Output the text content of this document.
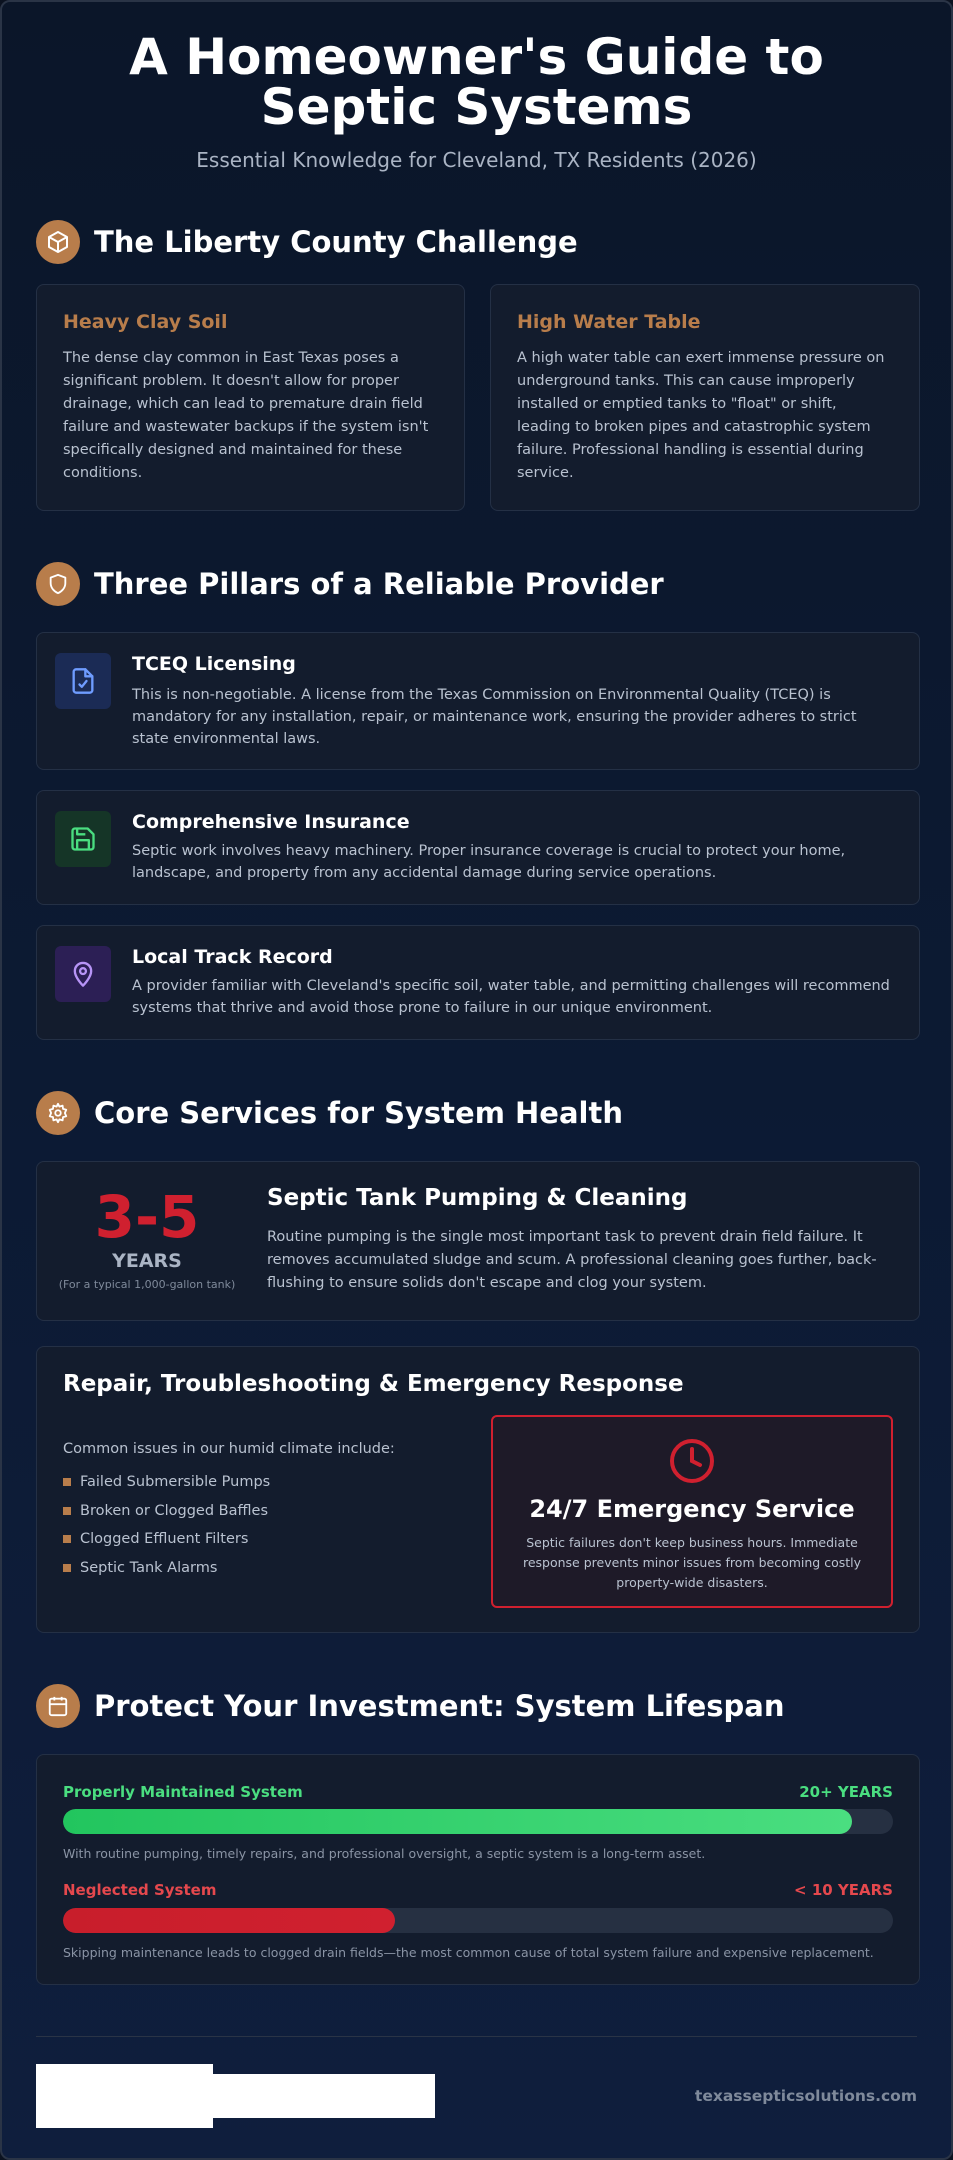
A Homeowner's Guide to Septic Systems
Essential Knowledge for Cleveland, TX Residents (2026)
The Liberty County Challenge
Heavy Clay Soil
The dense clay common in East Texas poses a significant problem. It doesn't allow for proper drainage, which can lead to premature drain field failure and wastewater backups if the system isn't specifically designed and maintained for these conditions.
High Water Table
A high water table can exert immense pressure on underground tanks. This can cause improperly installed or emptied tanks to "float" or shift, leading to broken pipes and catastrophic system failure. Professional handling is essential during service.
Three Pillars of a Reliable Provider
TCEQ Licensing
This is non-negotiable. A license from the Texas Commission on Environmental Quality (TCEQ) is mandatory for any installation, repair, or maintenance work, ensuring the provider adheres to strict state environmental laws.
Comprehensive Insurance
Septic work involves heavy machinery. Proper insurance coverage is crucial to protect your home, landscape, and property from any accidental damage during service operations.
Local Track Record
A provider familiar with Cleveland's specific soil, water table, and permitting challenges will recommend systems that thrive and avoid those prone to failure in our unique environment.
Core Services for System Health
3-5
YEARS
(For a typical 1,000-gallon tank)
Septic Tank Pumping & Cleaning
Routine pumping is the single most important task to prevent drain field failure. It removes accumulated sludge and scum. A professional cleaning goes further, back-flushing to ensure solids don't escape and clog your system.
Repair, Troubleshooting & Emergency Response
Common issues in our humid climate include:
Failed Submersible Pumps
Broken or Clogged Baffles
Clogged Effluent Filters
Septic Tank Alarms
24/7 Emergency Service
Septic failures don't keep business hours. Immediate response prevents minor issues from becoming costly property-wide disasters.
Protect Your Investment: System Lifespan
Properly Maintained System	20+ YEARS
With routine pumping, timely repairs, and professional oversight, a septic system is a long-term asset.
Neglected System	< 10 YEARS
Skipping maintenance leads to clogged drain fields—the most common cause of total system failure and expensive replacement.
texassepticsolutions.com
